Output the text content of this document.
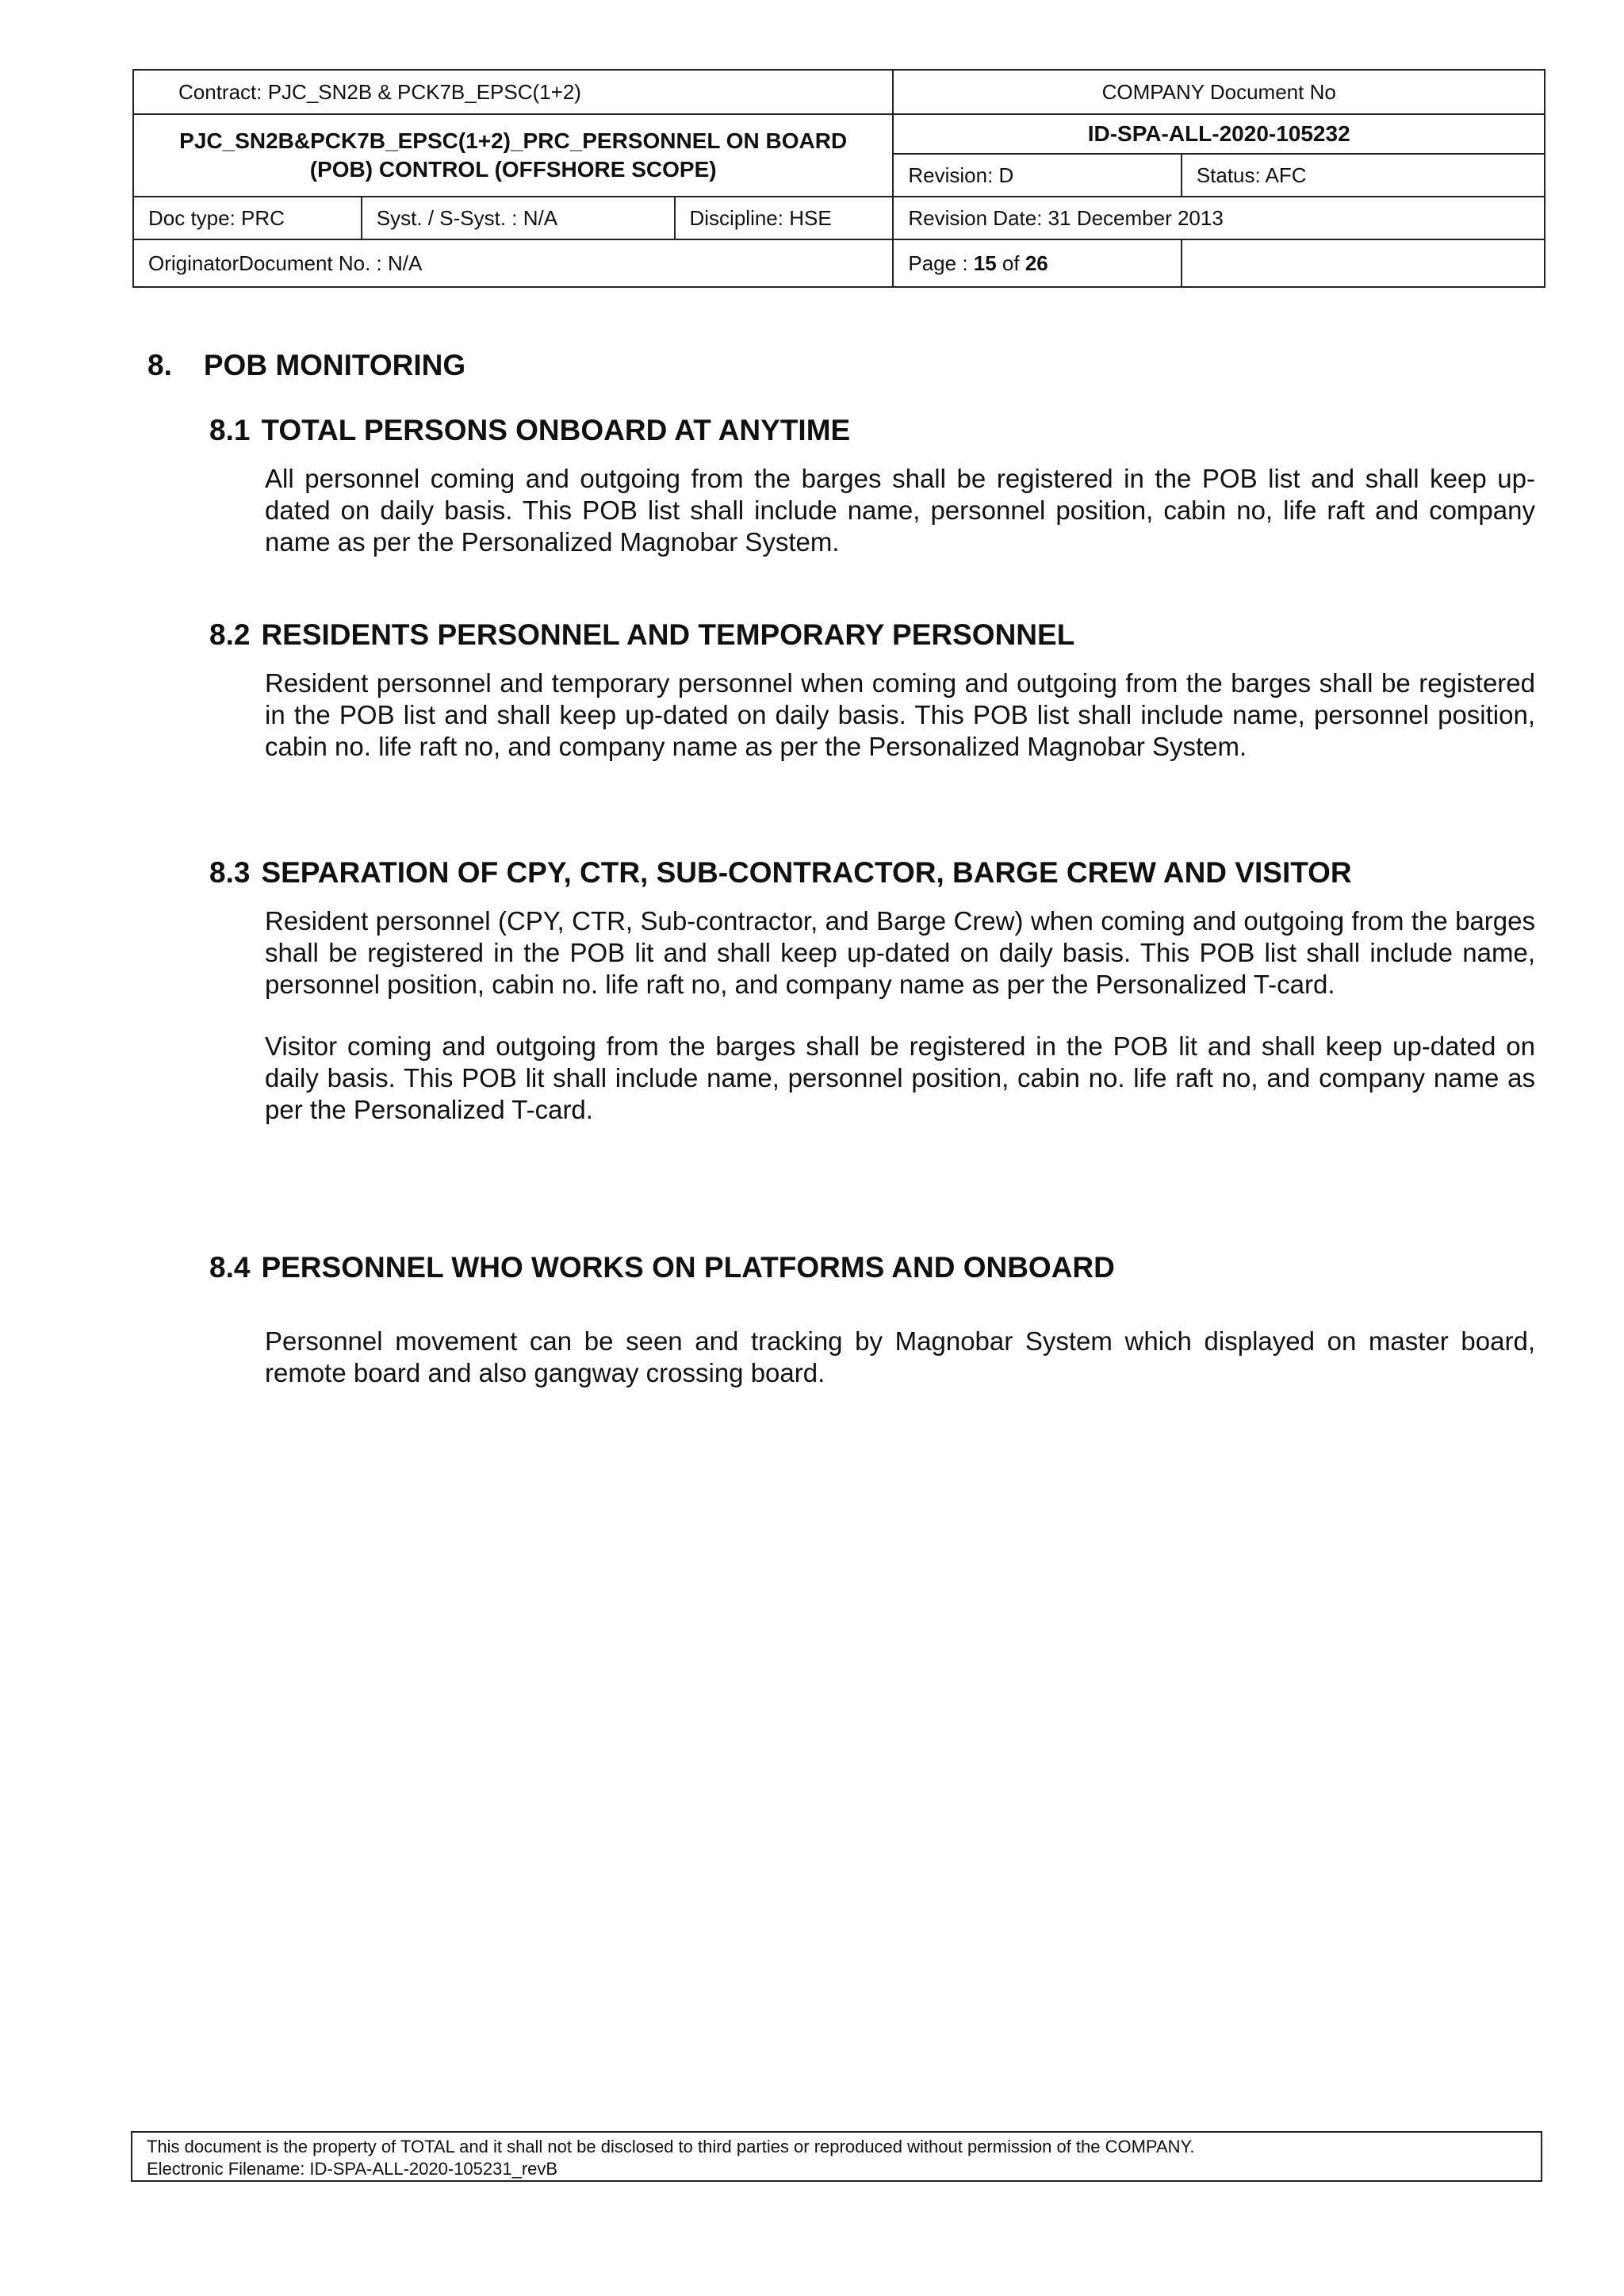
Contract: PJC_SN2B & PCK7B_EPSC(1+2)			COMPANY Document No	
PJC_SN2B&PCK7B_EPSC(1+2)_PRC_PERSONNEL ON BOARD (POB) CONTROL (OFFSHORE SCOPE)			ID-SPA-ALL-2020-105232	
			Revision: D	Status: AFC
Doc type: PRC	Syst. / S-Syst. : N/A	Discipline: HSE	Revision Date: 31 December 2013	
OriginatorDocument No. : N/A			Page : 15 of 26	
8. POB MONITORING
8.1 TOTAL PERSONS ONBOARD AT ANYTIME

All personnel coming and outgoing from the barges shall be registered in the POB list and shall keep up-dated on daily basis. This POB list shall include name, personnel position, cabin no, life raft and company name as per the Personalized Magnobar System.

8.2 RESIDENTS PERSONNEL AND TEMPORARY PERSONNEL

Resident personnel and temporary personnel when coming and outgoing from the barges shall be registered in the POB list and shall keep up-dated on daily basis. This POB list shall include name, personnel position, cabin no. life raft no, and company name as per the Personalized Magnobar System.

8.3 SEPARATION OF CPY, CTR, SUB-CONTRACTOR, BARGE CREW AND VISITOR

Resident personnel (CPY, CTR, Sub-contractor, and Barge Crew) when coming and outgoing from the barges shall be registered in the POB lit and shall keep up-dated on daily basis. This POB list shall include name, personnel position, cabin no. life raft no, and company name as per the Personalized T-card.

Visitor coming and outgoing from the barges shall be registered in the POB lit and shall keep up-dated on daily basis. This POB lit shall include name, personnel position, cabin no. life raft no, and company name as per the Personalized T-card.

8.4 PERSONNEL WHO WORKS ON PLATFORMS AND ONBOARD

Personnel movement can be seen and tracking by Magnobar System which displayed on master board, remote board and also gangway crossing board.

This document is the property of TOTAL and it shall not be disclosed to third parties or reproduced without permission of the COMPANY.
Electronic Filename: ID-SPA-ALL-2020-105231_revB
